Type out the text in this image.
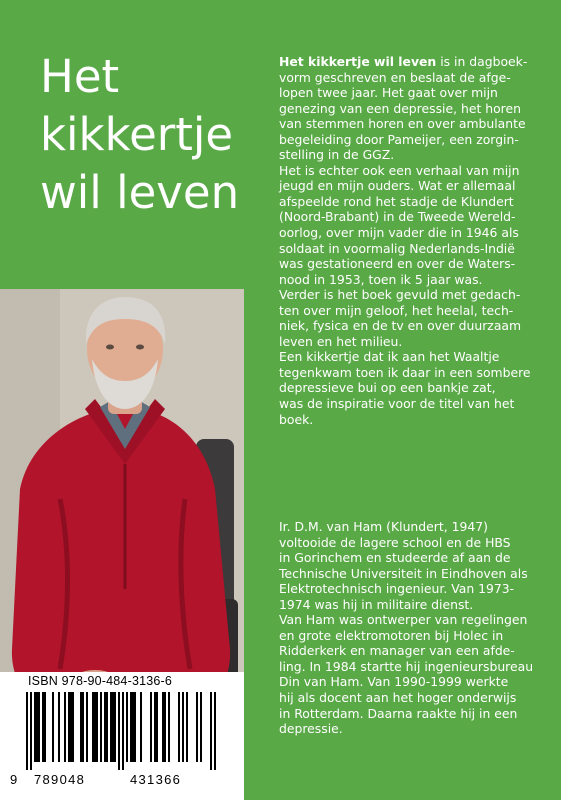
Het
kikkertje
wil leven
Het kikkertje wil leven is in dagboek-
vorm geschreven en beslaat de afge-
lopen twee jaar. Het gaat over mijn
genezing van een depressie, het horen
van stemmen horen en over ambulante
begeleiding door Pameijer, een zorgin-
stelling in de GGZ.
Het is echter ook een verhaal van mijn
jeugd en mijn ouders. Wat er allemaal
afspeelde rond het stadje de Klundert
(Noord-Brabant) in de Tweede Wereld-
oorlog, over mijn vader die in 1946 als
soldaat in voormalig Nederlands-Indië
was gestationeerd en over de Waters-
nood in 1953, toen ik 5 jaar was.
Verder is het boek gevuld met gedach-
ten over mijn geloof, het heelal, tech-
niek, fysica en de tv en over duurzaam
leven en het milieu.
Een kikkertje dat ik aan het Waaltje
tegenkwam toen ik daar in een sombere
depressieve bui op een bankje zat,
was de inspiratie voor de titel van het
boek.
Ir. D.M. van Ham (Klundert, 1947)
voltooide de lagere school en de HBS
in Gorinchem en studeerde af aan de
Technische Universiteit in Eindhoven als
Elektrotechnisch ingenieur. Van 1973-
1974 was hij in militaire dienst.
Van Ham was ontwerper van regelingen
en grote elektromotoren bij Holec in
Ridderkerk en manager van een afde-
ling. In 1984 startte hij ingenieursbureau
Din van Ham. Van 1990-1999 werkte
hij als docent aan het hoger onderwijs
in Rotterdam. Daarna raakte hij in een
depressie.
ISBN 978-90-484-3136-6
9 789048	431366
